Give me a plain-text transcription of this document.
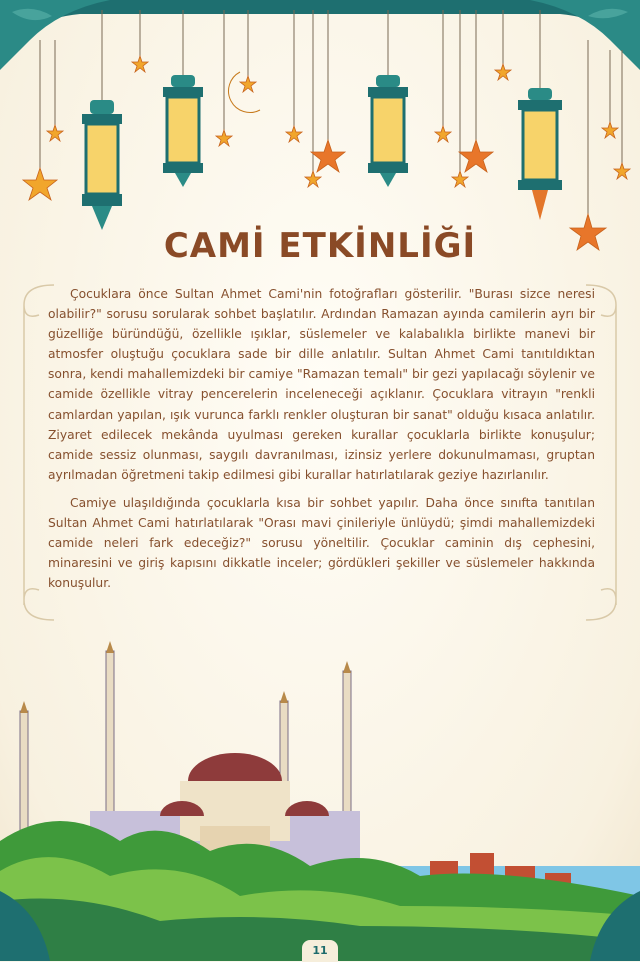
CAMİ ETKİNLİĞİ

Çocuklara önce Sultan Ahmet Cami'nin fotoğrafları gösterilir. "Burası sizce neresi olabilir?" sorusu sorularak sohbet başlatılır. Ardından Ramazan ayında camilerin ayrı bir güzelliğe büründüğü, özellikle ışıklar, süslemeler ve kalabalıkla birlikte manevi bir atmosfer oluştuğu çocuklara sade bir dille anlatılır. Sultan Ahmet Cami tanıtıldıktan sonra, kendi mahallemizdeki bir camiye "Ramazan temalı" bir gezi yapılacağı söylenir ve camide özellikle vitray pencerelerin inceleneceği açıklanır. Çocuklara vitrayın "renkli camlardan yapılan, ışık vurunca farklı renkler oluşturan bir sanat" olduğu kısaca anlatılır. Ziyaret edilecek mekânda uyulması gereken kurallar çocuklarla birlikte konuşulur; camide sessiz olunması, saygılı davranılması, izinsiz yerlere dokunulmaması, gruptan ayrılmadan öğretmeni takip edilmesi gibi kurallar hatırlatılarak geziye hazırlanılır.

Camiye ulaşıldığında çocuklarla kısa bir sohbet yapılır. Daha önce sınıfta tanıtılan Sultan Ahmet Cami hatırlatılarak "Orası mavi çinileriyle ünlüydü; şimdi mahallemizdeki camide neleri fark edeceğiz?" sorusu yöneltilir. Çocuklar caminin dış cephesini, minaresini ve giriş kapısını dikkatle inceler; gördükleri şekiller ve süslemeler hakkında konuşulur.

11
